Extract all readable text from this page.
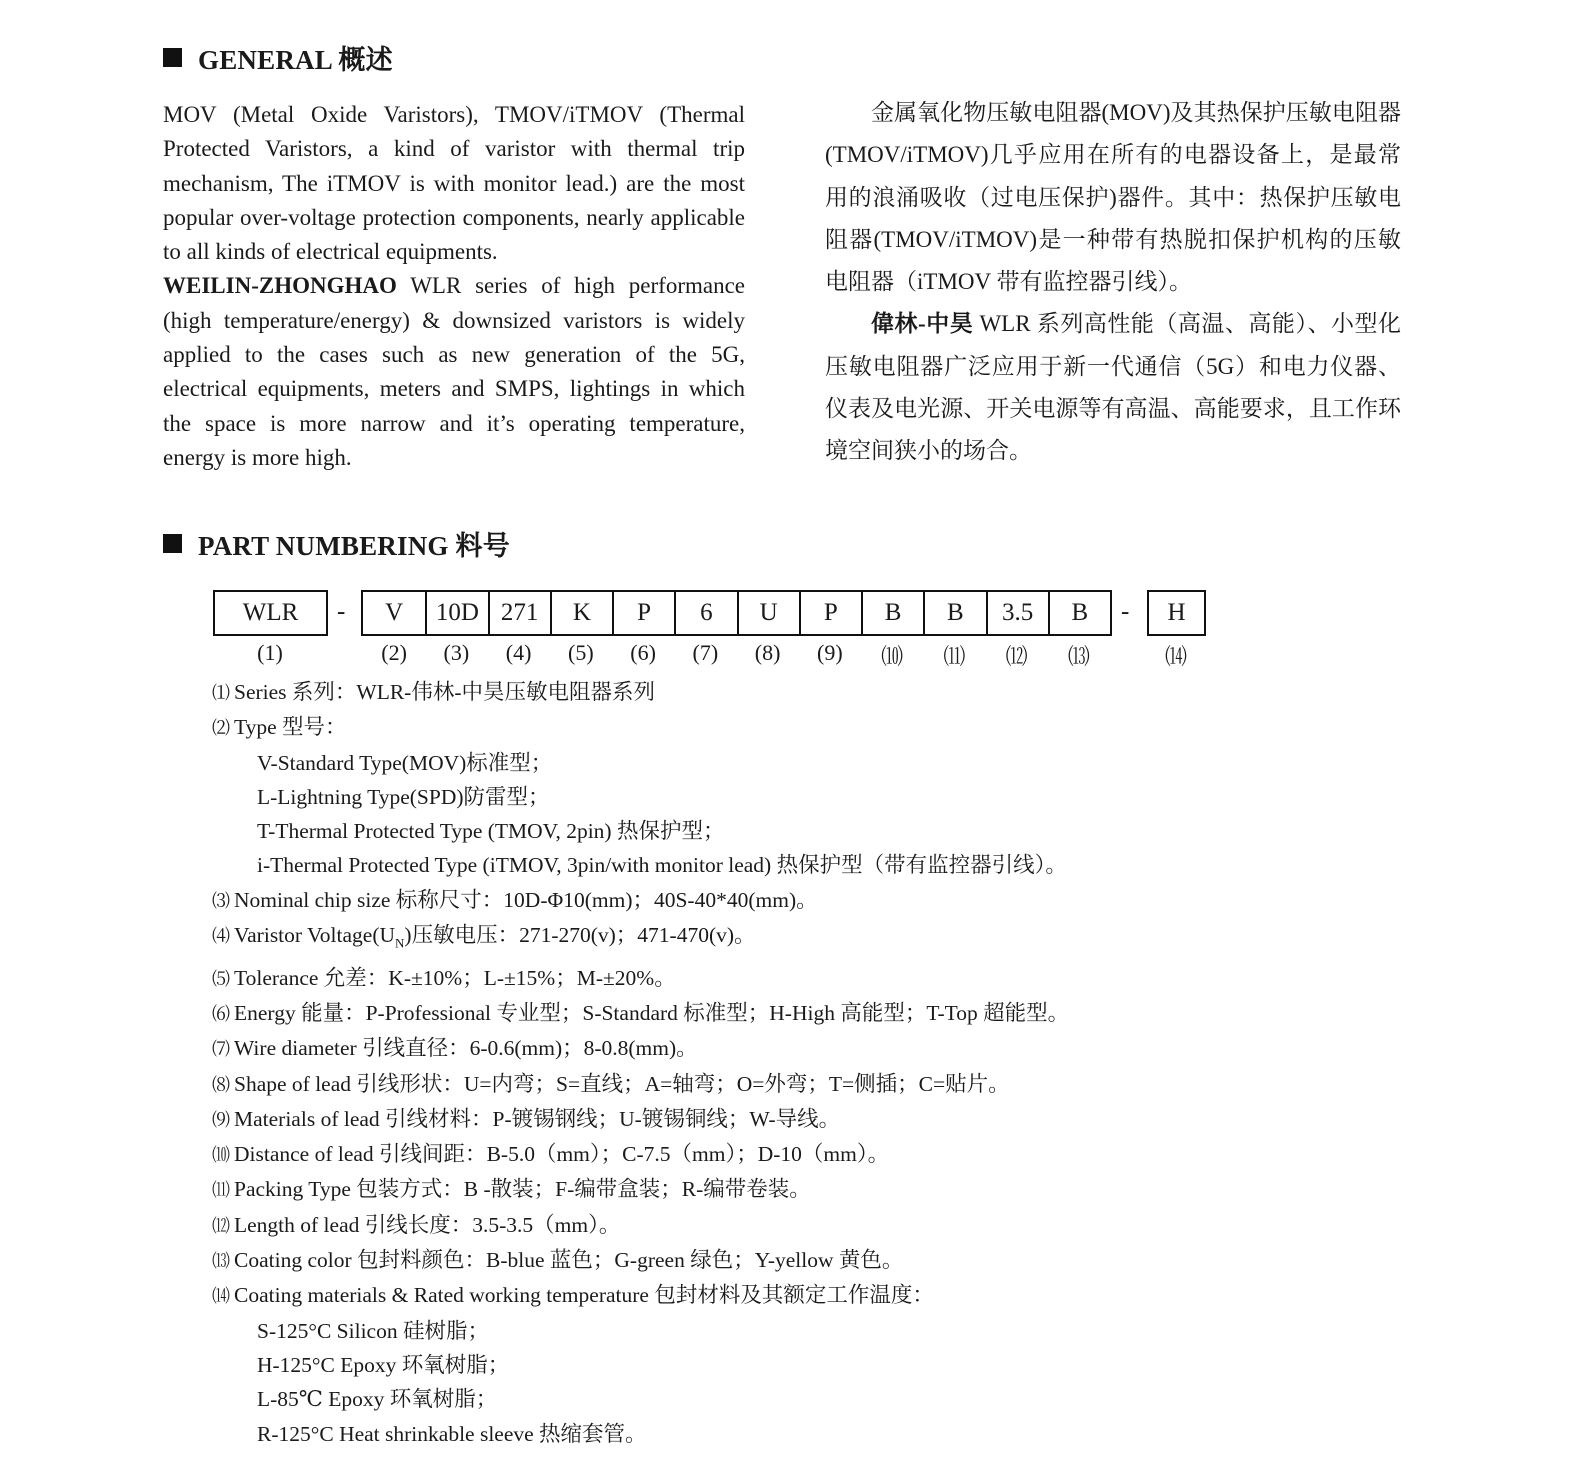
GENERAL 概述

MOV (Metal Oxide Varistors), TMOV/iTMOV (Thermal Protected Varistors, a kind of varistor with thermal trip mechanism, The iTMOV is with monitor lead.) are the most popular over-voltage protection components, nearly applicable to all kinds of electrical equipments.

WEILIN-ZHONGHAO WLR series of high performance (high temperature/energy) & downsized varistors is widely applied to the cases such as new generation of the 5G, electrical equipments, meters and SMPS, lightings in which the space is more narrow and it’s operating temperature, energy is more high.

金属氧化物压敏电阻器(MOV)及其热保护压敏电阻器(TMOV/iTMOV)几乎应用在所有的电器设备上，是最常用的浪涌吸收（过电压保护)器件。其中：热保护压敏电阻器(TMOV/iTMOV)是一种带有热脱扣保护机构的压敏电阻器（iTMOV 带有监控器引线）。

偉林-中昊 WLR 系列高性能（高温、高能）、小型化压敏电阻器广泛应用于新一代通信（5G）和电力仪器、仪表及电光源、开关电源等有高温、高能要求，且工作环境空间狭小的场合。

PART NUMBERING 料号
WLR -	V	10D 271	K	P	6	U	P	B	B	3.5	B	- H
(1)	(2) (3) (4) (5) (6) (7) (8) (9) ⑽ ⑾ ⑿ ⒀	⒁
⑴ Series 系列：WLR-伟林-中昊压敏电阻器系列
⑵ Type 型号：
V-Standard Type(MOV)标准型；
L-Lightning Type(SPD)防雷型；
T-Thermal Protected Type (TMOV, 2pin) 热保护型；
i-Thermal Protected Type (iTMOV, 3pin/with monitor lead) 热保护型（带有监控器引线）。
⑶ Nominal chip size 标称尺寸：10D-Φ10(mm)；40S-40*40(mm)。
⑷ Varistor $Voltage(U_N)$压敏电压：271-270(v)；471-470(v)。
⑸ Tolerance 允差：K-±10%；L-±15%；M-±20%。
⑹ Energy 能量：P-Professional 专业型；S-Standard 标准型；H-High 高能型；T-Top 超能型。
⑺ Wire diameter 引线直径：6-0.6(mm)；8-0.8(mm)。
⑻ Shape of lead 引线形状：U=内弯；S=直线；A=轴弯；O=外弯；T=侧插；C=贴片。
⑼ Materials of lead 引线材料：P-镀锡钢线；U-镀锡铜线；W-导线。
⑽ Distance of lead 引线间距：B-5.0（mm）；C-7.5（mm）；D-10（mm）。
⑾ Packing Type 包装方式：B -散装；F-编带盒装；R-编带卷装。
⑿ Length of lead 引线长度：3.5-3.5（mm）。
⒀ Coating color 包封料颜色：B-blue 蓝色；G-green 绿色；Y-yellow 黄色。
⒁ Coating materials & Rated working temperature 包封材料及其额定工作温度：
S-125°C Silicon 硅树脂；
H-125°C Epoxy 环氧树脂；
L-85℃ Epoxy 环氧树脂；
R-125°C Heat shrinkable sleeve 热缩套管。
